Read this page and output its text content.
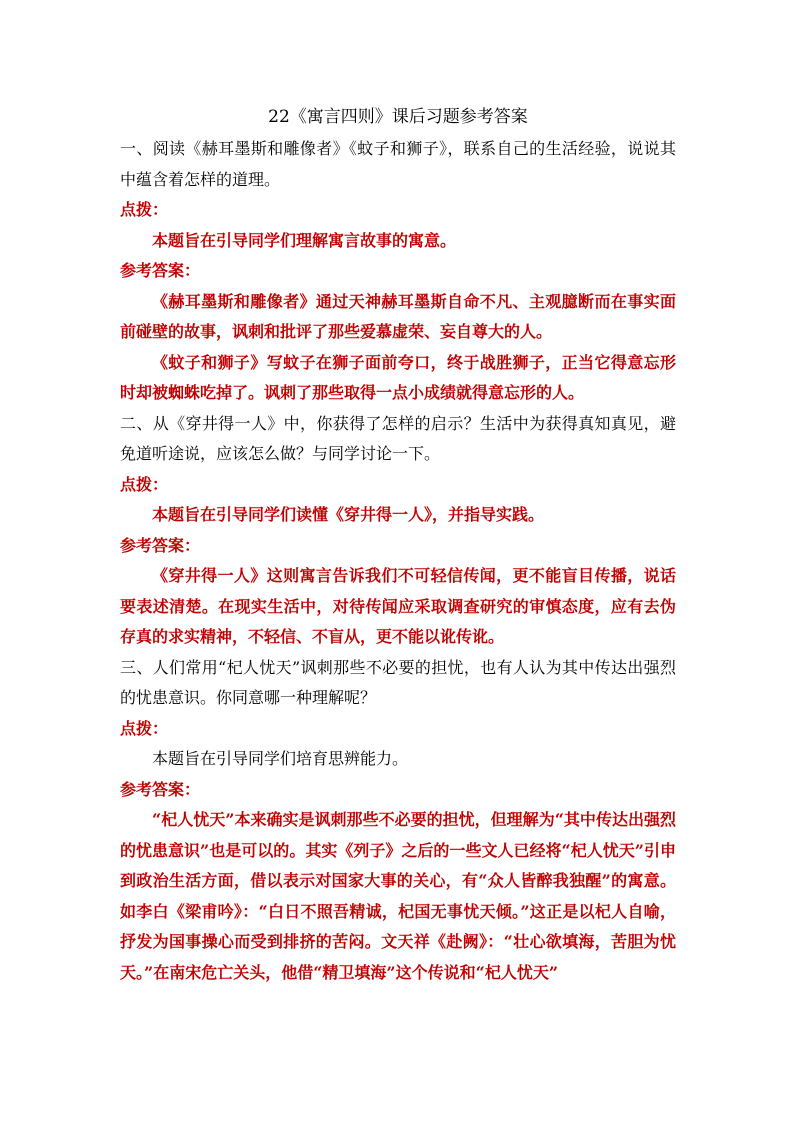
22《寓言四则》课后习题参考答案

一、阅读《赫耳墨斯和雕像者》《蚊子和狮子》，联系自己的生活经验，说说其中蕴含着怎样的道理。

点拨：

本题旨在引导同学们理解寓言故事的寓意。

参考答案：

《赫耳墨斯和雕像者》通过天神赫耳墨斯自命不凡、主观臆断而在事实面前碰壁的故事，讽刺和批评了那些爱慕虚荣、妄自尊大的人。

《蚊子和狮子》写蚊子在狮子面前夸口，终于战胜狮子，正当它得意忘形时却被蜘蛛吃掉了。讽刺了那些取得一点小成绩就得意忘形的人。

二、从《穿井得一人》中，你获得了怎样的启示？生活中为获得真知真见，避免道听途说，应该怎么做？与同学讨论一下。

点拨：

本题旨在引导同学们读懂《穿井得一人》，并指导实践。

参考答案：

《穿井得一人》这则寓言告诉我们不可轻信传闻，更不能盲目传播，说话要表述清楚。在现实生活中，对待传闻应采取调查研究的审慎态度，应有去伪存真的求实精神，不轻信、不盲从，更不能以讹传讹。

三、人们常用“杞人忧天”讽刺那些不必要的担忧，也有人认为其中传达出强烈的忧患意识。你同意哪一种理解呢？

点拨：

本题旨在引导同学们培育思辨能力。

参考答案：

“杞人忧天”本来确实是讽刺那些不必要的担忧，但理解为“其中传达出强烈的忧患意识”也是可以的。其实《列子》之后的一些文人已经将“杞人忧天”引申到政治生活方面，借以表示对国家大事的关心，有“众人皆醉我独醒”的寓意。如李白《梁甫吟》：“白日不照吾精诚，杞国无事忧天倾。”这正是以杞人自喻，抒发为国事操心而受到排挤的苦闷。文天祥《赴阙》：“壮心欲填海，苦胆为忧天。”在南宋危亡关头，他借“精卫填海”这个传说和“杞人忧天”
